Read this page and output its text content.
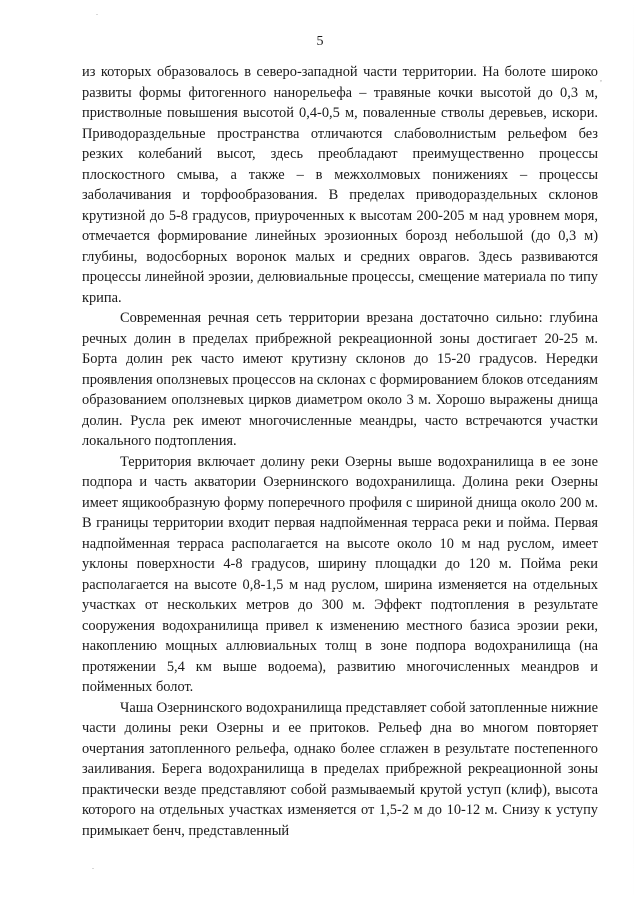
.
,
.
5

из которых образовалось в северо-западной части территории. На болоте широко развиты формы фитогенного нанорельефа – травяные кочки высотой до 0,3 м, пристволные повышения высотой 0,4-0,5 м, поваленные стволы деревьев, искори. Приводораздельные пространства отличаются слабоволнистым рельефом без резких колебаний высот, здесь преобладают преимущественно процессы плоскостного смыва, а также – в межхолмовых понижениях – процессы заболачивания и торфообразования. В пределах приводораздельных склонов крутизной до 5-8 градусов, приуроченных к высотам 200-205 м над уровнем моря, отмечается формирование линейных эрозионных борозд небольшой (до 0,3 м) глубины, водосборных воронок малых и средних оврагов. Здесь развиваются процессы линейной эрозии, делювиальные процессы, смещение материала по типу крипа.

Современная речная сеть территории врезана достаточно сильно: глубина речных долин в пределах прибрежной рекреационной зоны достигает 20-25 м. Борта долин рек часто имеют крутизну склонов до 15-20 градусов. Нередки проявления оползневых процессов на склонах с формированием блоков отседаниям образованием оползневых цирков диаметром около 3 м. Хорошо выражены днища долин. Русла рек имеют многочисленные меандры, часто встречаются участки локального подтопления.

Территория включает долину реки Озерны выше водохранилища в ее зоне подпора и часть акватории Озернинского водохранилища. Долина реки Озерны имеет ящикообразную форму поперечного профиля с шириной днища около 200 м. В границы территории входит первая надпойменная терраса реки и пойма. Первая надпойменная терраса располагается на высоте около 10 м над руслом, имеет уклоны поверхности 4-8 градусов, ширину площадки до 120 м. Пойма реки располагается на высоте 0,8-1,5 м над руслом, ширина изменяется на отдельных участках от нескольких метров до 300 м. Эффект подтопления в результате сооружения водохранилища привел к изменению местного базиса эрозии реки, накоплению мощных аллювиальных толщ в зоне подпора водохранилища (на протяжении 5,4 км выше водоема), развитию многочисленных меандров и пойменных болот.

Чаша Озернинского водохранилища представляет собой затопленные нижние части долины реки Озерны и ее притоков. Рельеф дна во многом повторяет очертания затопленного рельефа, однако более сглажен в результате постепенного заиливания. Берега водохранилища в пределах прибрежной рекреационной зоны практически везде представляют собой размываемый крутой уступ (клиф), высота которого на отдельных участках изменяется от 1,5-2 м до 10-12 м. Снизу к уступу примыкает бенч, представленный
